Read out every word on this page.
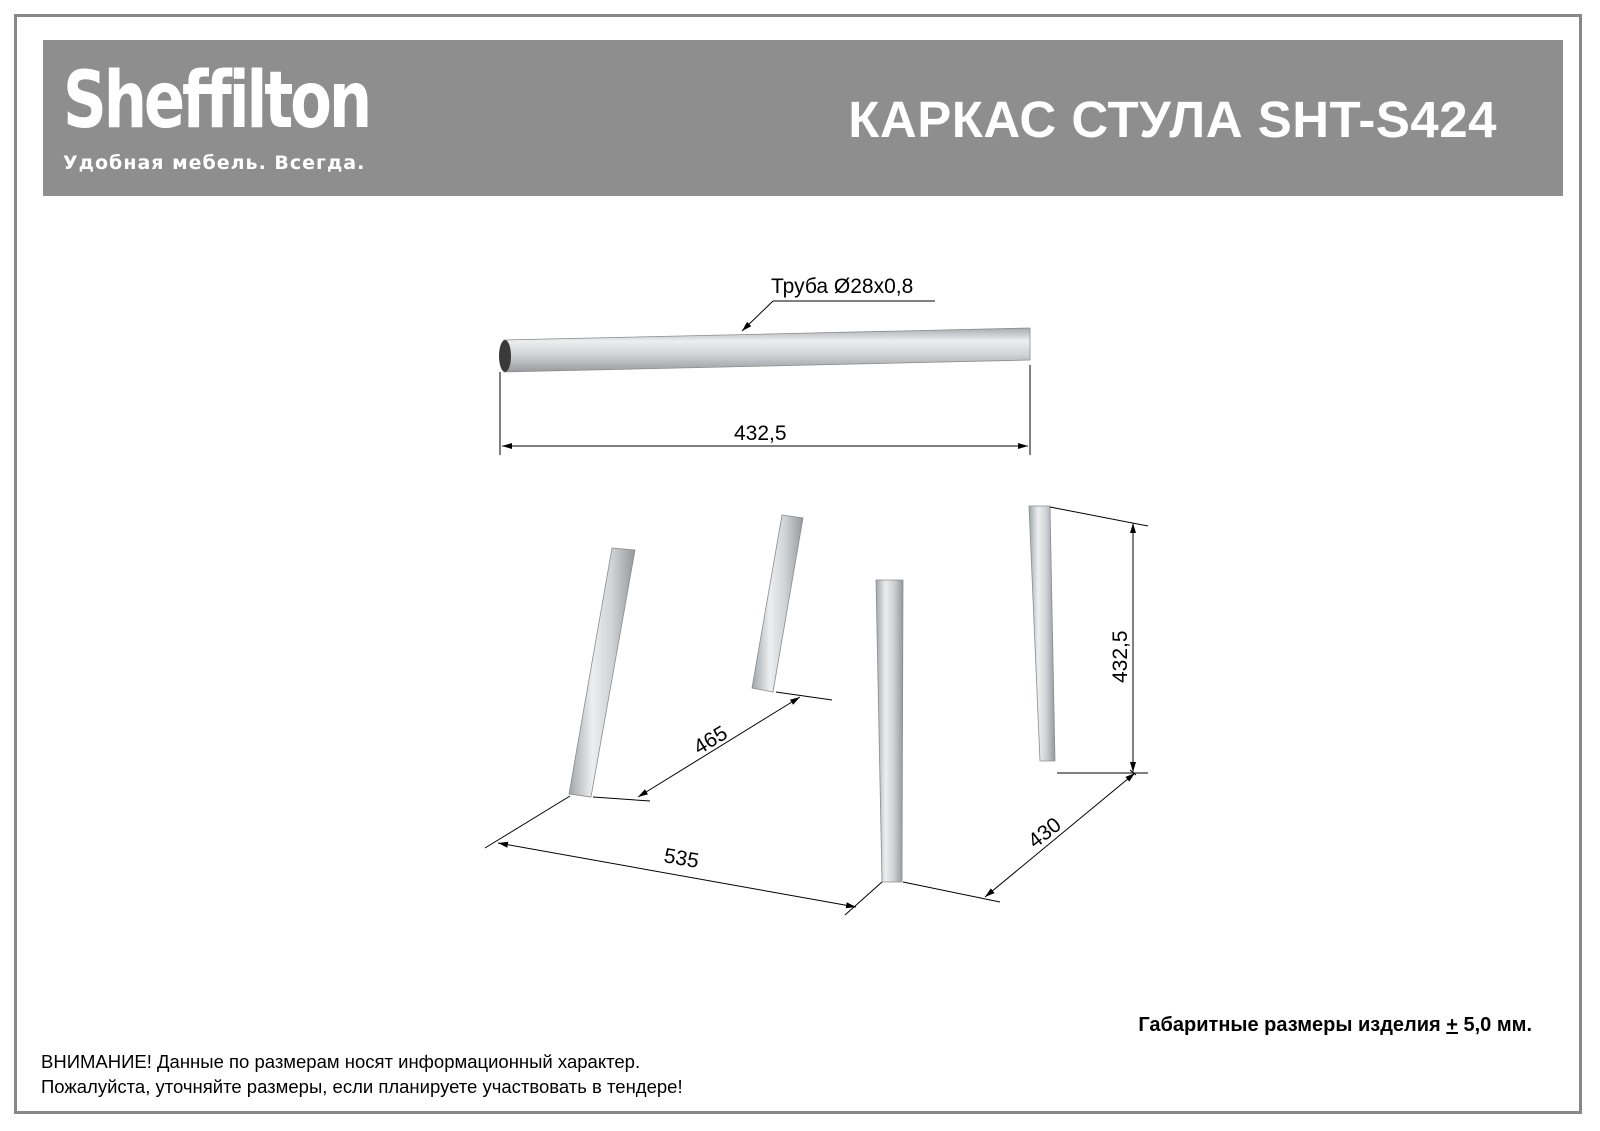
Sheffilton
Удобная мебель. Всегда.
КАРКАС СТУЛА SHT-S424
Труба Ø28х0,8
432,5
465
535
430
432,5
Габаритные размеры изделия + 5,0 мм.
ВНИМАНИЕ! Данные по размерам носят информационный характер.
Пожалуйста, уточняйте размеры, если планируете участвовать в тендере!
